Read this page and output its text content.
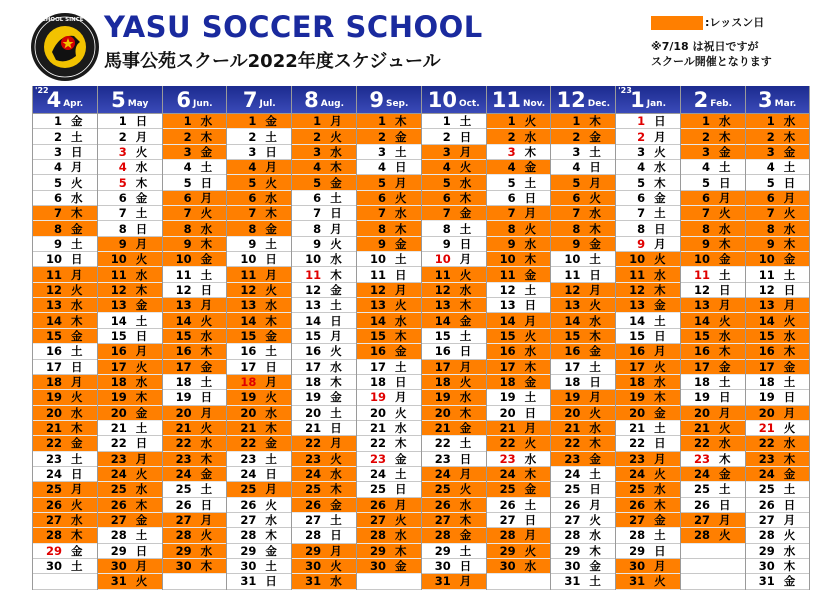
SOCCER SCHOOL SINCE YASU 2000
YASU SOCCER SCHOOL
馬事公苑スクール2022年度スケジュール
:レッスン日
※7/18 は祝日ですが
スクール開催となります
'22
4 Apr.
1 金
2 土
3 日
4 月
5 火
6 水
7 木
8 金
9 土
10 日
11 月
12 火
13 水
14 木
15 金
16 土
17 日
18 月
19 火
20 水
21 木
22 金
23 土
24 日
25 月
26 火
27 水
28 木
29 金
30 土
5 May
1 日
2 月
3 火
4 水
5 木
6 金
7 土
8 日
9 月
10 火
11 水
12 木
13 金
14 土
15 日
16 月
17 火
18 水
19 木
20 金
21 土
22 日
23 月
24 火
25 水
26 木
27 金
28 土
29 日
30 月
31 火
6 Jun.
1 水
2 木
3 金
4 土
5 日
6 月
7 火
8 水
9 木
10 金
11 土
12 日
13 月
14 火
15 水
16 木
17 金
18 土
19 日
20 月
21 火
22 水
23 木
24 金
25 土
26 日
27 月
28 火
29 水
30 木
7 Jul.
1 金
2 土
3 日
4 月
5 火
6 水
7 木
8 金
9 土
10 日
11 月
12 火
13 水
14 木
15 金
16 土
17 日
18 月
19 火
20 水
21 木
22 金
23 土
24 日
25 月
26 火
27 水
28 木
29 金
30 土
31 日
8 Aug.
1 月
2 火
3 水
4 木
5 金
6 土
7 日
8 月
9 火
10 水
11 木
12 金
13 土
14 日
15 月
16 火
17 水
18 木
19 金
20 土
21 日
22 月
23 火
24 水
25 木
26 金
27 土
28 日
29 月
30 火
31 水
9 Sep.
1 木
2 金
3 土
4 日
5 月
6 火
7 水
8 木
9 金
10 土
11 日
12 月
13 火
14 水
15 木
16 金
17 土
18 日
19 月
20 火
21 水
22 木
23 金
24 土
25 日
26 月
27 火
28 水
29 木
30 金
10 Oct.
1 土
2 日
3 月
4 火
5 水
6 木
7 金
8 土
9 日
10 月
11 火
12 水
13 木
14 金
15 土
16 日
17 月
18 火
19 水
20 木
21 金
22 土
23 日
24 月
25 火
26 水
27 木
28 金
29 土
30 日
31 月
11 Nov.
1 火
2 水
3 木
4 金
5 土
6 日
7 月
8 火
9 水
10 木
11 金
12 土
13 日
14 月
15 火
16 水
17 木
18 金
19 土
20 日
21 月
22 火
23 水
24 木
25 金
26 土
27 日
28 月
29 火
30 水
12 Dec.
1 木
2 金
3 土
4 日
5 月
6 火
7 水
8 木
9 金
10 土
11 日
12 月
13 火
14 水
15 木
16 金
17 土
18 日
19 月
20 火
21 水
22 木
23 金
24 土
25 日
26 月
27 火
28 水
29 木
30 金
31 土
'23
1 Jan.
1 日
2 月
3 火
4 水
5 木
6 金
7 土
8 日
9 月
10 火
11 水
12 木
13 金
14 土
15 日
16 月
17 火
18 水
19 木
20 金
21 土
22 日
23 月
24 火
25 水
26 木
27 金
28 土
29 日
30 月
31 火
2 Feb.
1 水
2 木
3 金
4 土
5 日
6 月
7 火
8 水
9 木
10 金
11 土
12 日
13 月
14 火
15 水
16 木
17 金
18 土
19 日
20 月
21 火
22 水
23 木
24 金
25 土
26 日
27 月
28 火
3 Mar.
1 水
2 木
3 金
4 土
5 日
6 月
7 火
8 水
9 木
10 金
11 土
12 日
13 月
14 火
15 水
16 木
17 金
18 土
19 日
20 月
21 火
22 水
23 木
24 金
25 土
26 日
27 月
28 火
29 水
30 木
31 金
